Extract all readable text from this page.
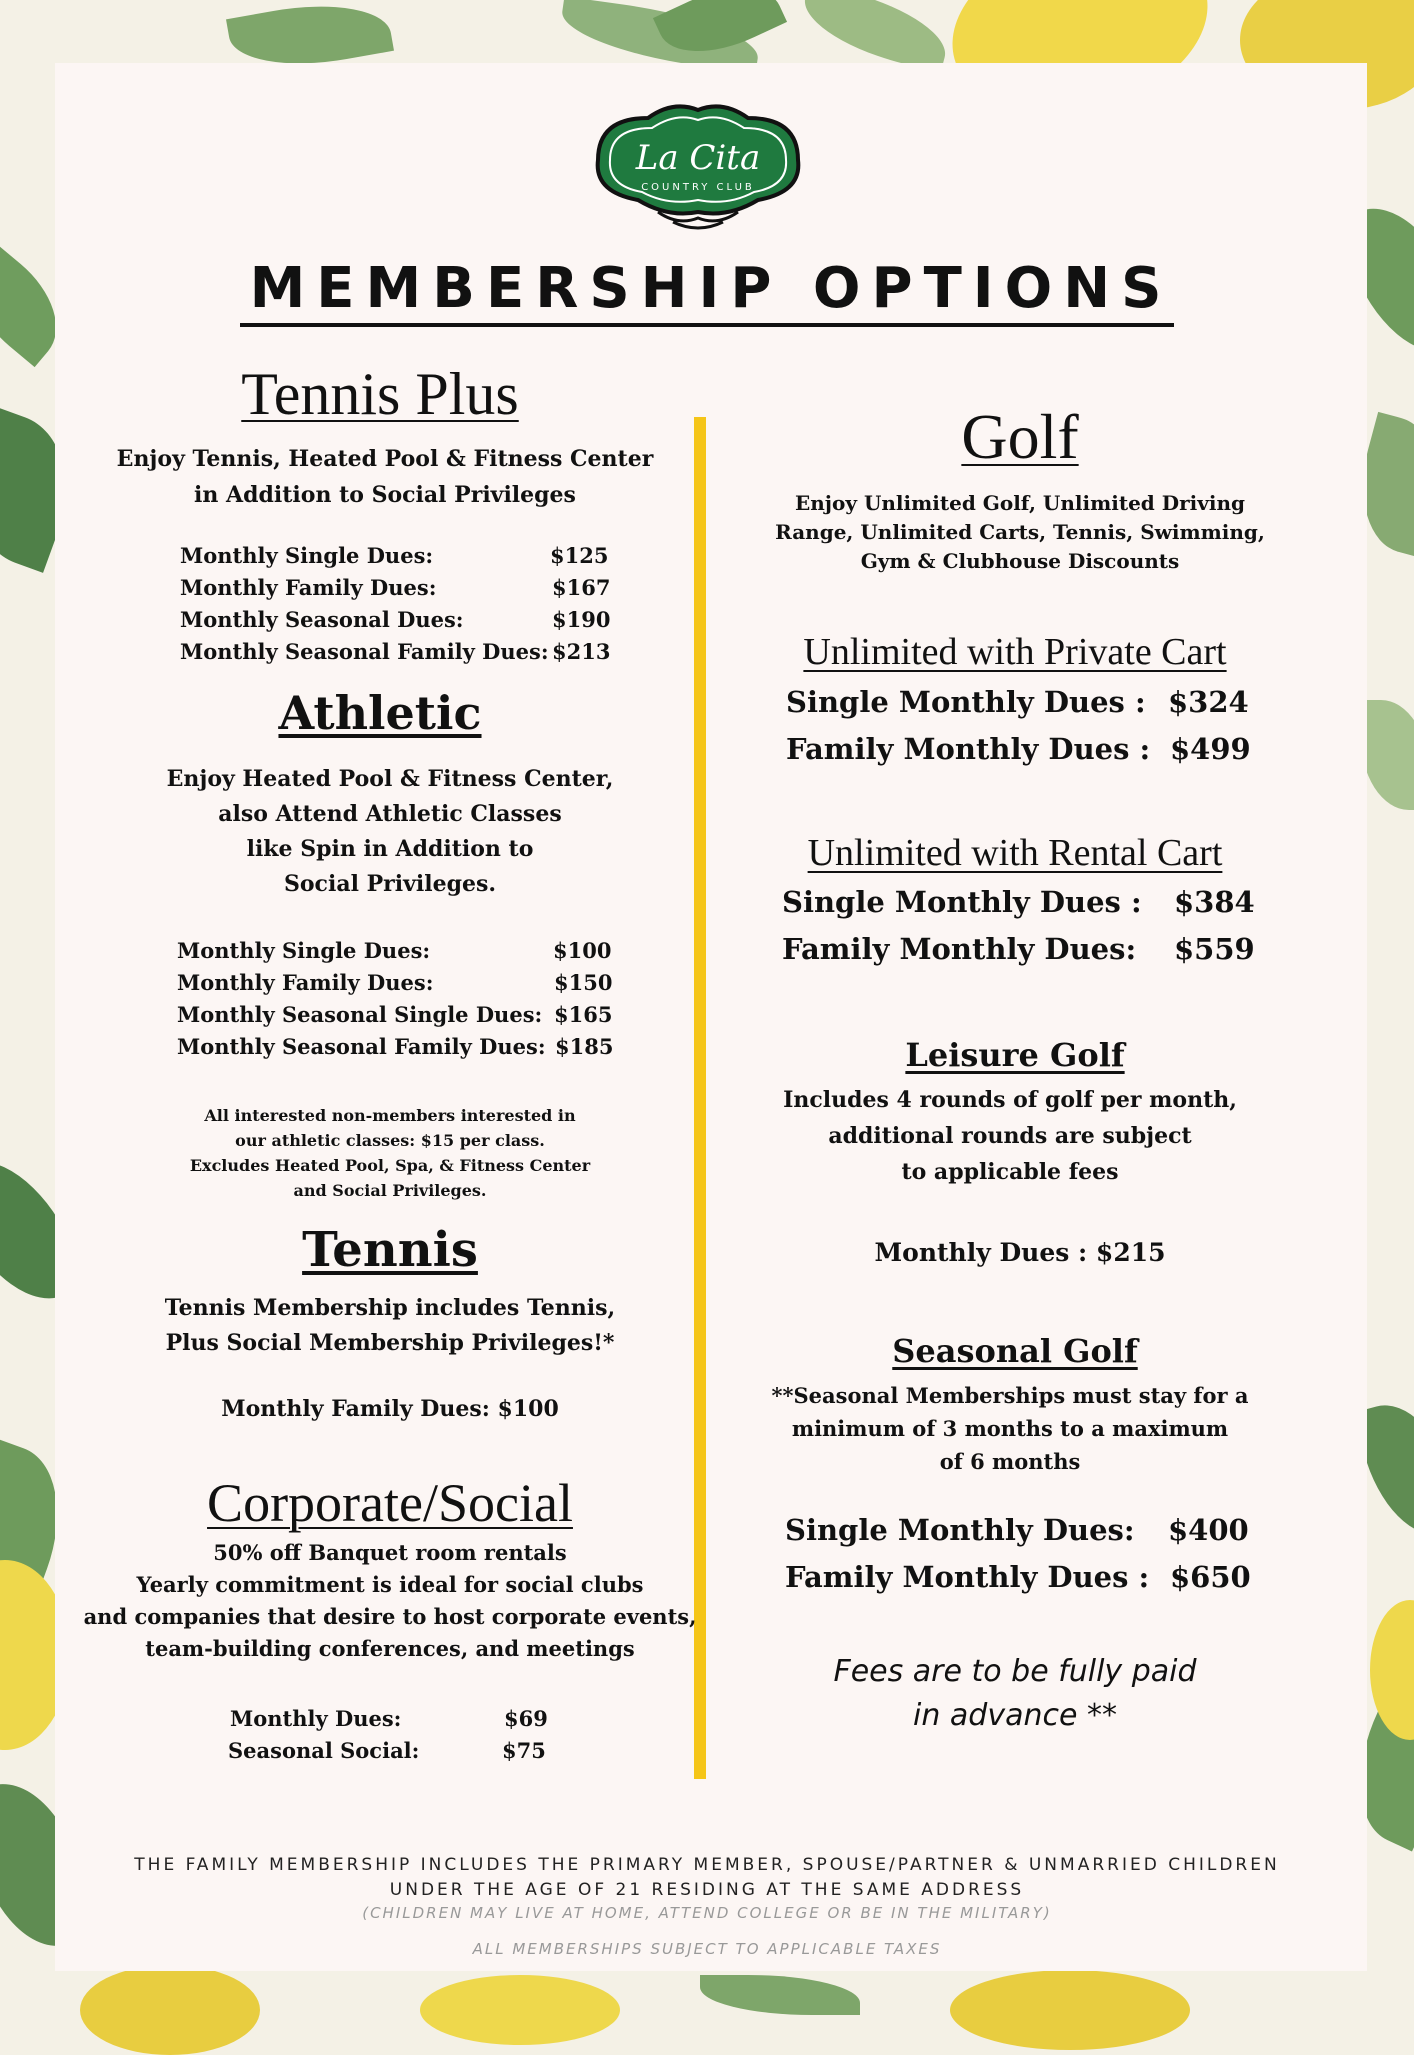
La Cita
COUNTRY CLUB
MEMBERSHIP OPTIONS
Tennis Plus
Enjoy Tennis, Heated Pool & Fitness Center
in Addition to Social Privileges
Monthly Single Dues:	$125
Monthly Family Dues:	$167
Monthly Seasonal Dues:	$190
Monthly Seasonal Family Dues: $213
Athletic
Enjoy Heated Pool & Fitness Center,
also Attend Athletic Classes
like Spin in Addition to
Social Privileges.
Monthly Single Dues:	$100
Monthly Family Dues:	$150
Monthly Seasonal Single Dues: $165
Monthly Seasonal Family Dues: $185
All interested non-members interested in
our athletic classes: $15 per class.
Excludes Heated Pool, Spa, & Fitness Center
and Social Privileges.
Tennis
Tennis Membership includes Tennis,
Plus Social Membership Privileges!*
Monthly Family Dues: $100
Corporate/Social
50% off Banquet room rentals
Yearly commitment is ideal for social clubs
and companies that desire to host corporate events,
team-building conferences, and meetings
Monthly Dues:	$69
Seasonal Social:	$75
Golf
Enjoy Unlimited Golf, Unlimited Driving
Range, Unlimited Carts, Tennis, Swimming,
Gym & Clubhouse Discounts
Unlimited with Private Cart
Single Monthly Dues : $324
Family Monthly Dues : $499
Unlimited with Rental Cart
Single Monthly Dues : $384
Family Monthly Dues: $559
Leisure Golf
Includes 4 rounds of golf per month,
additional rounds are subject
to applicable fees
Monthly Dues : $215
Seasonal Golf
**Seasonal Memberships must stay for a
minimum of 3 months to a maximum
of 6 months
Single Monthly Dues: $400
Family Monthly Dues : $650
Fees are to be fully paid
in advance **
THE FAMILY MEMBERSHIP INCLUDES THE PRIMARY MEMBER, SPOUSE/PARTNER & UNMARRIED CHILDREN
UNDER THE AGE OF 21 RESIDING AT THE SAME ADDRESS
(CHILDREN MAY LIVE AT HOME, ATTEND COLLEGE OR BE IN THE MILITARY)
ALL MEMBERSHIPS SUBJECT TO APPLICABLE TAXES
